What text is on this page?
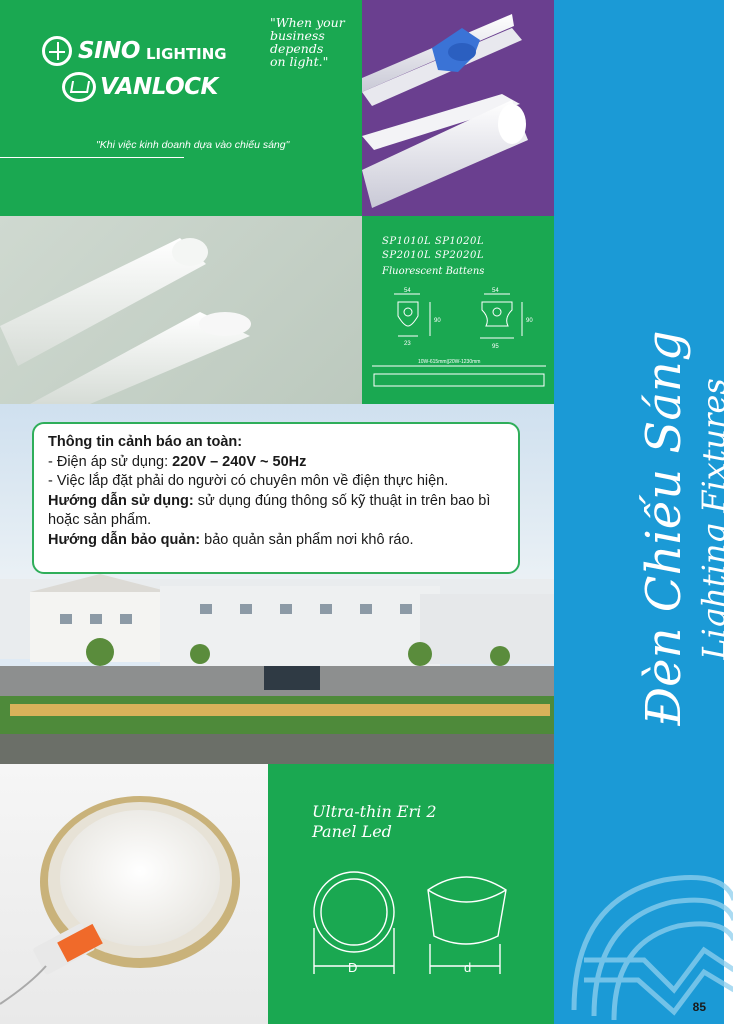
SINO LIGHTING
VANLOCK
"When your
business
depends
on light."
"Khi việc kinh doanh dựa vào chiếu sáng"
SP1010L SP1020L
SP2010L SP2020L
Fluorescent Battens
54
90
23
54
90
95
10W-615mm||20W-1230mm
Thông tin cảnh báo an toàn:
- Điện áp sử dụng: 220V – 240V ~ 50Hz
- Việc lắp đặt phải do người có chuyên môn về điện thực hiện.
Hướng dẫn sử dụng: sử dụng đúng thông số kỹ thuật in trên bao bì hoặc sản phẩm.
Hướng dẫn bảo quản: bảo quản sản phẩm nơi khô ráo.
Ultra-thin Eri 2
Panel Led
D	d
Đèn Chiếu Sáng Lighting Fixtures
85
